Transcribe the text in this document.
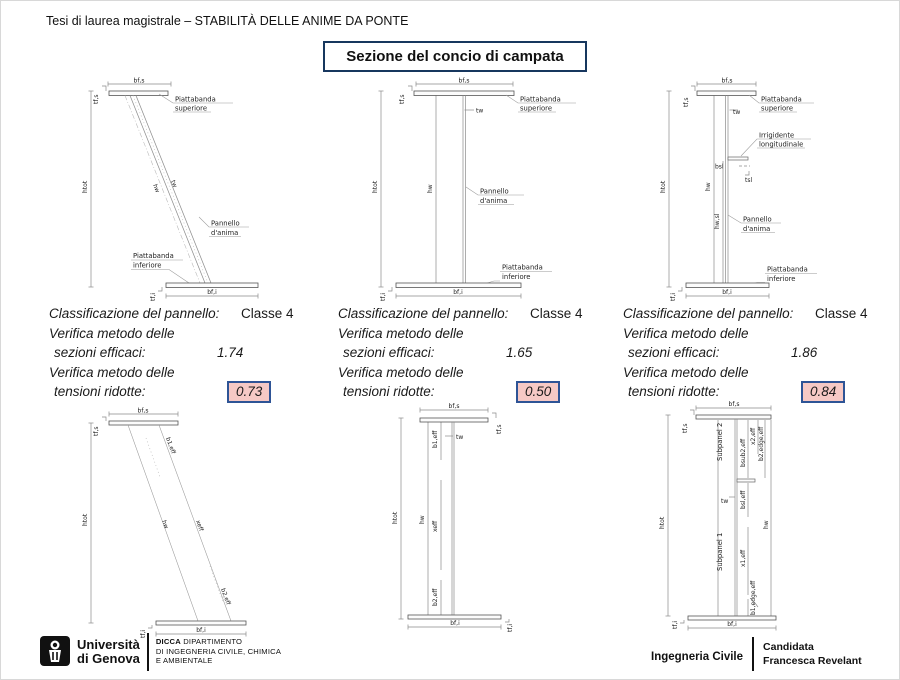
Tesi di laurea magistrale – STABILITÀ DELLE ANIME DA PONTE
Sezione del concio di campata
bf,s
tf,s
htot	hw tw
Piattabanda
superiore
Pannello
d'anima
Piattabanda
inferiore
tf,i
bf,i
bf,s
tf,s
htot	hw
tw
Piattabanda
superiore
Pannello
d'anima
Piattabanda
inferiore
tf,i
bf,i
bf,s
tf,s
htot	hw
hw,sl
tw
bsl
tsl
Piattabanda
superiore
Irrigidente
longitudinale
Pannello
d'anima
Piattabanda
inferiore
tf,i
bf,i
Classificazione del pannello: Classe 4
Verifica metodo delle
sezioni efficaci:	1.74
Verifica metodo delle
tensioni ridotte:	0.73
Classificazione del pannello: Classe 4
Verifica metodo delle
sezioni efficaci:	1.65
Verifica metodo delle
tensioni ridotte:	0.50
Classificazione del pannello: Classe 4
Verifica metodo delle
sezioni efficaci:	1.86
Verifica metodo delle
tensioni ridotte:	0.84
bf,s
tf,s
htot
b1,eff
hw	xeff
b2,eff
tf,i	bf,i
bf,s
tf,s
htot	hw
b1,eff
xeff
b2,eff
tw
tf,i
bf,i
bf,s
tf,s
htot
Subpanel 2
Subpanel 1
tw
bsub2,eff
x2,eff b2,edge,eff
bsl,eff
x1,eff
b1,edge,eff
hw
tf,i	bf,i
Università
di Genova
DICCA DIPARTIMENTO
DI INGEGNERIA CIVILE, CHIMICA
E AMBIENTALE	Ingegneria Civile
Candidata
Francesca Revelant
